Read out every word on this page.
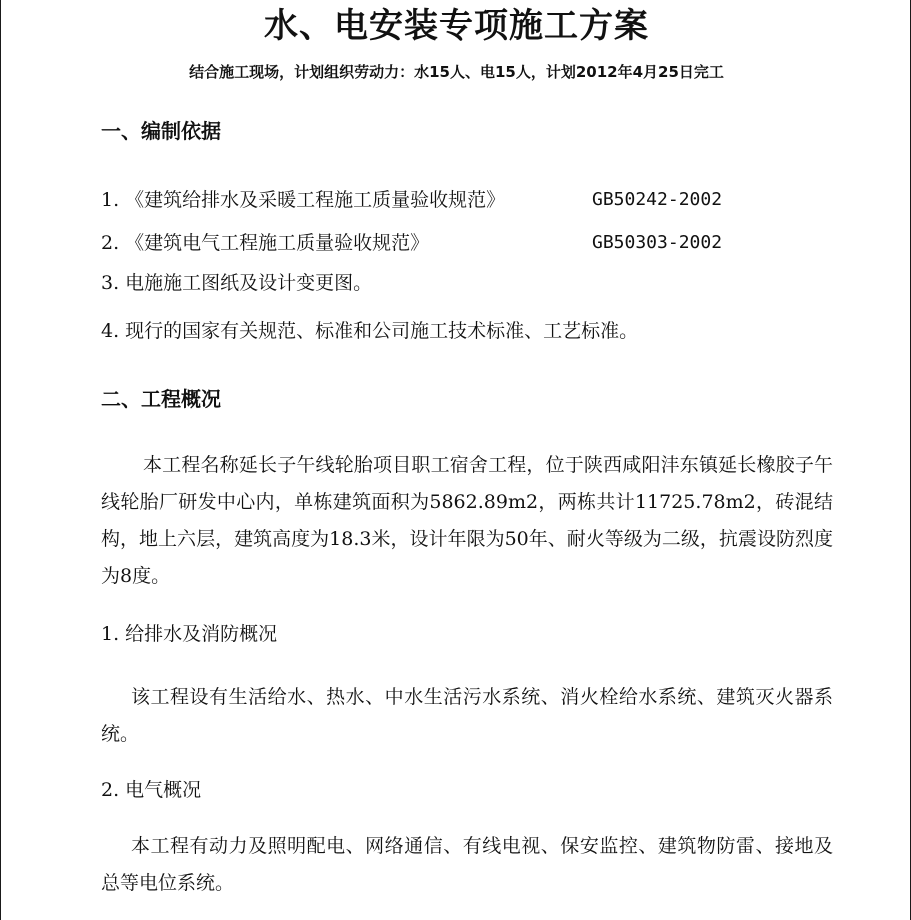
水、电安装专项施工方案
结合施工现场，计划组织劳动力：水15人、电15人，计划2012年4月25日完工
一、编制依据
1. 《建筑给排水及采暖工程施工质量验收规范》	GB50242-2002
2. 《建筑电气工程施工质量验收规范》	GB50303-2002
3. 电施施工图纸及设计变更图。
4. 现行的国家有关规范、标准和公司施工技术标准、工艺标准。
二、工程概况
本工程名称延长子午线轮胎项目职工宿舍工程，位于陕西咸阳沣东镇延长橡胶子午线轮胎厂研发中心内，单栋建筑面积为5862.89m2，两栋共计11725.78m2，砖混结构，地上六层，建筑高度为18.3米，设计年限为50年、耐火等级为二级，抗震设防烈度为8度。
1. 给排水及消防概况
该工程设有生活给水、热水、中水生活污水系统、消火栓给水系统、建筑灭火器系统。
2. 电气概况
本工程有动力及照明配电、网络通信、有线电视、保安监控、建筑物防雷、接地及总等电位系统。
